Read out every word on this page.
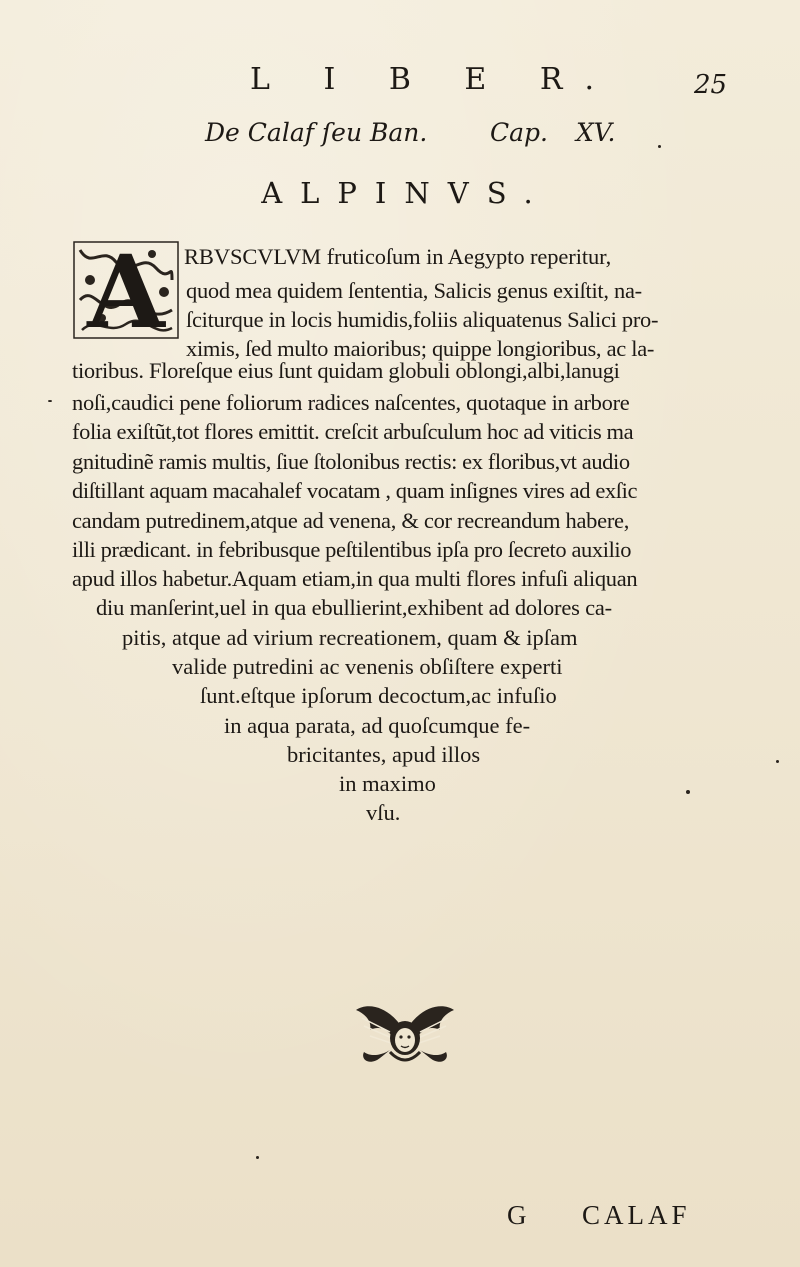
L I B E R.	25
De Calaf ſeu Ban.	Cap. XV.
ALPINVS.
A RBVSCVLVM fruticoſum in Aegypto reperitur,
quod mea quidem ſententia, Salicis genus exiſtit, na-
ſciturque in locis humidis,foliis aliquatenus Salici pro-
ximis, ſed multo maioribus; quippe longioribus, ac la-
tioribus. Floreſque eius ſunt quidam globuli oblongi,albi,lanugi
noſi,caudici pene foliorum radices naſcentes, quotaque in arbore
folia exiſtũt,tot flores emittit. creſcit arbuſculum hoc ad viticis ma
gnitudinẽ ramis multis, ſiue ſtolonibus rectis: ex floribus,vt audio
diſtillant aquam macahalef vocatam , quam inſignes vires ad exſic
candam putredinem,atque ad venena, & cor recreandum habere,
illi prædicant. in febribusque peſtilentibus ipſa pro ſecreto auxilio
apud illos habetur.Aquam etiam,in qua multi flores infuſi aliquan
diu manſerint,uel in qua ebullierint,exhibent ad dolores ca-
pitis, atque ad virium recreationem, quam & ipſam
valide putredini ac venenis obſiſtere experti
ſunt.eſtque ipſorum decoctum,ac infuſio
in aqua parata, ad quoſcumque fe-
bricitantes, apud illos
in maximo
vſu.
G CALAF
